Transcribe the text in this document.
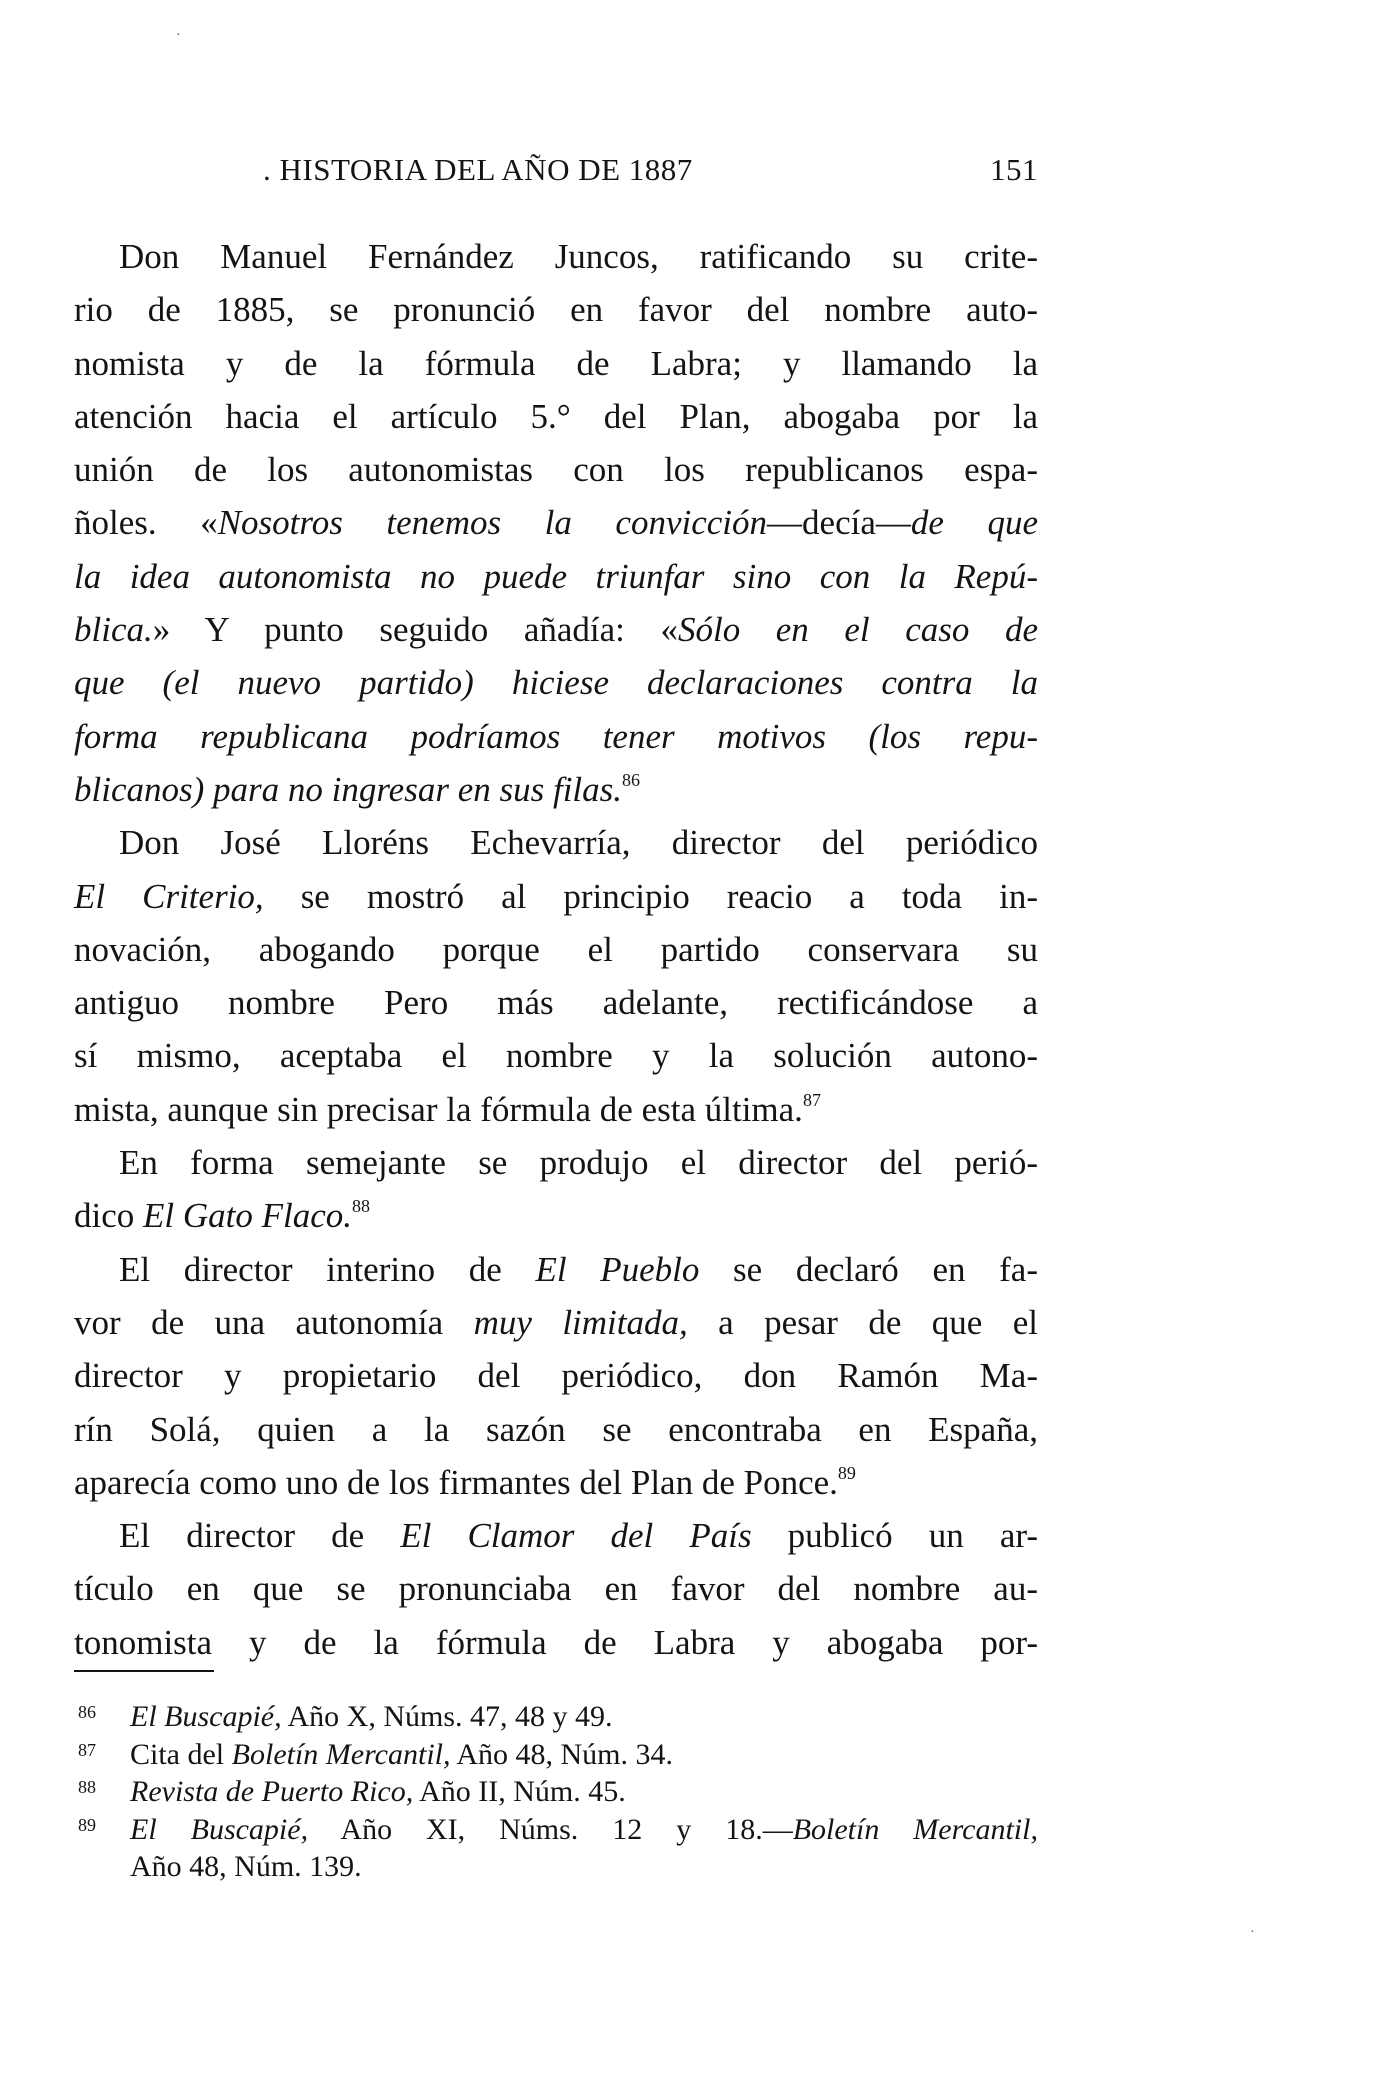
. HISTORIA DEL AÑO DE 1887	151
Don Manuel Fernández Juncos, ratificando su crite-
rio de 1885, se pronunció en favor del nombre auto-
nomista y de la fórmula de Labra; y llamando la
atención hacia el artículo 5.° del Plan, abogaba por la
unión de los autonomistas con los republicanos espa-
ñoles. «Nosotros tenemos la convicción—decía—de que
la idea autonomista no puede triunfar sino con la Repú-
blica.» Y punto seguido añadía: «Sólo en el caso de
que (el nuevo partido) hiciese declaraciones contra la
forma republicana podríamos tener motivos (los repu-
blicanos) para no ingresar en sus filas.$^{86}$
Don José Lloréns Echevarría, director del periódico
El Criterio, se mostró al principio reacio a toda in-
novación, abogando porque el partido conservara su
antiguo nombre Pero más adelante, rectificándose a
sí mismo, aceptaba el nombre y la solución autono-
mista, aunque sin precisar la fórmula de esta última.$^{87}$
En forma semejante se produjo el director del perió-
dico El Gato Flaco.$^{88}$
El director interino de El Pueblo se declaró en fa-
vor de una autonomía muy limitada, a pesar de que el
director y propietario del periódico, don Ramón Ma-
rín Solá, quien a la sazón se encontraba en España,
aparecía como uno de los firmantes del Plan de Ponce.$^{89}$
El director de El Clamor del País publicó un ar-
tículo en que se pronunciaba en favor del nombre au-
tonomista y de la fórmula de Labra y abogaba por-
86 El Buscapié, Año X, Núms. 47, 48 y 49.
87 Cita del Boletín Mercantil, Año 48, Núm. 34.
88 Revista de Puerto Rico, Año II, Núm. 45.
89 El Buscapié, Año XI, Núms. 12 y 18.—Boletín Mercantil,
Año 48, Núm. 139.
·
·
